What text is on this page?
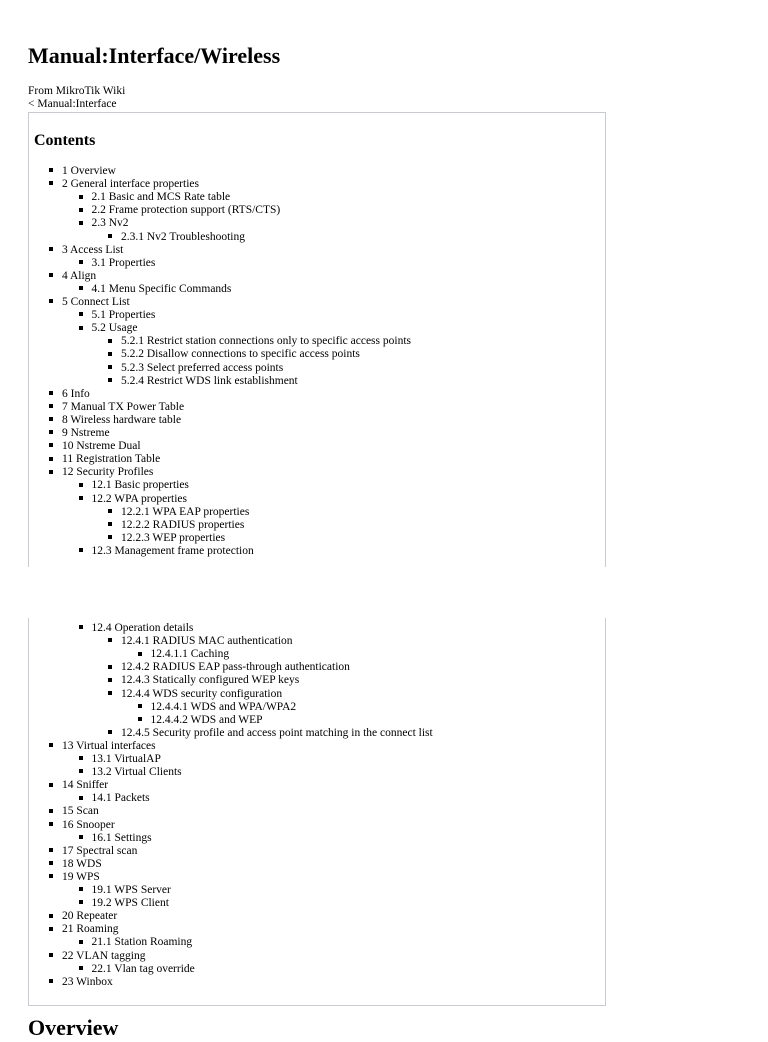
Manual:Interface/Wireless
From MikroTik Wiki
< Manual:Interface
Contents
1 Overview
2 General interface properties
2.1 Basic and MCS Rate table
2.2 Frame protection support (RTS/CTS)
2.3 Nv2
2.3.1 Nv2 Troubleshooting
3 Access List
3.1 Properties
4 Align
4.1 Menu Specific Commands
5 Connect List
5.1 Properties
5.2 Usage
5.2.1 Restrict station connections only to specific access points
5.2.2 Disallow connections to specific access points
5.2.3 Select preferred access points
5.2.4 Restrict WDS link establishment
6 Info
7 Manual TX Power Table
8 Wireless hardware table
9 Nstreme
10 Nstreme Dual
11 Registration Table
12 Security Profiles
12.1 Basic properties
12.2 WPA properties
12.2.1 WPA EAP properties
12.2.2 RADIUS properties
12.2.3 WEP properties
12.3 Management frame protection
12.4 Operation details
12.4.1 RADIUS MAC authentication
12.4.1.1 Caching
12.4.2 RADIUS EAP pass-through authentication
12.4.3 Statically configured WEP keys
12.4.4 WDS security configuration
12.4.4.1 WDS and WPA/WPA2
12.4.4.2 WDS and WEP
12.4.5 Security profile and access point matching in the connect list
13 Virtual interfaces
13.1 VirtualAP
13.2 Virtual Clients
14 Sniffer
14.1 Packets
15 Scan
16 Snooper
16.1 Settings
17 Spectral scan
18 WDS
19 WPS
19.1 WPS Server
19.2 WPS Client
20 Repeater
21 Roaming
21.1 Station Roaming
22 VLAN tagging
22.1 Vlan tag override
23 Winbox
Overview
